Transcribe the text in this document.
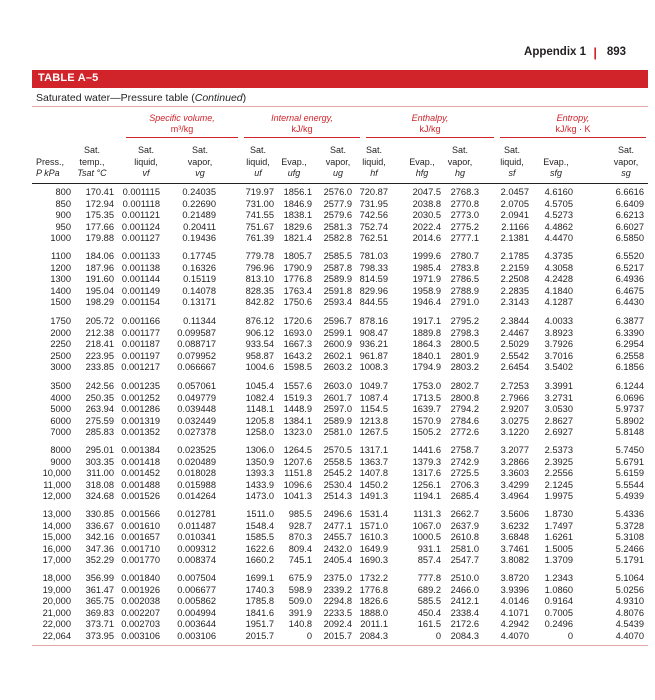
Appendix 1 | 893
TABLE A–5
Saturated water—Pressure table (Continued)
Specific volume,
m³/kg
Internal energy,
kJ/kg
Enthalpy,
kJ/kg
Entropy,
kJ/kg · K

Press.,
P kPa
Sat.
temp.,
Tsat °C
Sat.
liquid,
vf
Sat.
vapor,
vg
Sat.
liquid,
uf

Evap.,
ufg
Sat.
vapor,
ug
Sat.
liquid,
hf

Evap.,
hfg
Sat.
vapor,
hg
Sat.
liquid,
sf

Evap.,
sfg
Sat.
vapor,
sg
800 170.41 0.001115 0.24035	719.97 1856.1 2576.0 720.87	2047.5 2768.3 2.0457 4.6160	6.6616
850 172.94 0.001118 0.22690	731.00 1846.9 2577.9 731.95	2038.8 2770.8 2.0705 4.5705	6.6409
900 175.35 0.001121 0.21489	741.55 1838.1 2579.6 742.56	2030.5 2773.0 2.0941 4.5273	6.6213
950 177.66 0.001124 0.20411	751.67 1829.6 2581.3 752.74	2022.4 2775.2 2.1166 4.4862	6.6027
1000 179.88 0.001127 0.19436	761.39 1821.4 2582.8 762.51	2014.6 2777.1 2.1381 4.4470	6.5850
1100 184.06 0.001133 0.17745	779.78 1805.7 2585.5 781.03	1999.6 2780.7 2.1785 4.3735	6.5520
1200 187.96 0.001138 0.16326	796.96 1790.9 2587.8 798.33	1985.4 2783.8 2.2159 4.3058	6.5217
1300 191.60 0.001144 0.15119	813.10 1776.8 2589.9 814.59	1971.9 2786.5 2.2508 4.2428	6.4936
1400 195.04 0.001149 0.14078	828.35 1763.4 2591.8 829.96	1958.9 2788.9 2.2835 4.1840	6.4675
1500 198.29 0.001154 0.13171	842.82 1750.6 2593.4 844.55	1946.4 2791.0 2.3143 4.1287	6.4430
1750 205.72 0.001166 0.11344	876.12 1720.6 2596.7 878.16	1917.1 2795.2 2.3844 4.0033	6.3877
2000 212.38 0.001177 0.099587	906.12 1693.0 2599.1 908.47	1889.8 2798.3 2.4467 3.8923	6.3390
2250 218.41 0.001187 0.088717	933.54 1667.3 2600.9 936.21	1864.3 2800.5 2.5029 3.7926	6.2954
2500 223.95 0.001197 0.079952	958.87 1643.2 2602.1 961.87	1840.1 2801.9 2.5542 3.7016	6.2558
3000 233.85 0.001217 0.066667	1004.6 1598.5 2603.2 1008.3	1794.9 2803.2 2.6454 3.5402	6.1856
3500 242.56 0.001235 0.057061	1045.4 1557.6 2603.0 1049.7	1753.0 2802.7 2.7253 3.3991	6.1244
4000 250.35 0.001252 0.049779	1082.4 1519.3 2601.7 1087.4	1713.5 2800.8 2.7966 3.2731	6.0696
5000 263.94 0.001286 0.039448	1148.1 1448.9 2597.0 1154.5	1639.7 2794.2 2.9207 3.0530	5.9737
6000 275.59 0.001319 0.032449	1205.8 1384.1 2589.9 1213.8	1570.9 2784.6 3.0275 2.8627	5.8902
7000 285.83 0.001352 0.027378	1258.0 1323.0 2581.0 1267.5	1505.2 2772.6 3.1220 2.6927	5.8148
8000 295.01 0.001384 0.023525	1306.0 1264.5 2570.5 1317.1	1441.6 2758.7 3.2077 2.5373	5.7450
9000 303.35 0.001418 0.020489	1350.9 1207.6 2558.5 1363.7	1379.3 2742.9 3.2866 2.3925	5.6791
10,000 311.00 0.001452 0.018028	1393.3 1151.8 2545.2 1407.8	1317.6 2725.5 3.3603 2.2556	5.6159
11,000 318.08 0.001488 0.015988	1433.9 1096.6 2530.4 1450.2	1256.1 2706.3 3.4299 2.1245	5.5544
12,000 324.68 0.001526 0.014264	1473.0 1041.3 2514.3 1491.3	1194.1 2685.4 3.4964 1.9975	5.4939
13,000 330.85 0.001566 0.012781	1511.0 985.5 2496.6 1531.4	1131.3 2662.7 3.5606 1.8730	5.4336
14,000 336.67 0.001610 0.011487	1548.4 928.7 2477.1 1571.0	1067.0 2637.9 3.6232 1.7497	5.3728
15,000 342.16 0.001657 0.010341	1585.5 870.3 2455.7 1610.3	1000.5 2610.8 3.6848 1.6261	5.3108
16,000 347.36 0.001710 0.009312	1622.6 809.4 2432.0 1649.9	931.1 2581.0 3.7461 1.5005	5.2466
17,000 352.29 0.001770 0.008374	1660.2 745.1 2405.4 1690.3	857.4 2547.7 3.8082 1.3709	5.1791
18,000 356.99 0.001840 0.007504	1699.1 675.9 2375.0 1732.2	777.8 2510.0 3.8720 1.2343	5.1064
19,000 361.47 0.001926 0.006677	1740.3 598.9 2339.2 1776.8	689.2 2466.0 3.9396 1.0860	5.0256
20,000 365.75 0.002038 0.005862	1785.8 509.0 2294.8 1826.6	585.5 2412.1 4.0146 0.9164	4.9310
21,000 369.83 0.002207 0.004994	1841.6 391.9 2233.5 1888.0	450.4 2338.4 4.1071 0.7005	4.8076
22,000 373.71 0.002703 0.003644	1951.7 140.8 2092.4 2011.1	161.5 2172.6 4.2942 0.2496	4.5439
22,064 373.95 0.003106 0.003106	2015.7	0 2015.7 2084.3	0 2084.3 4.4070	0	4.4070
